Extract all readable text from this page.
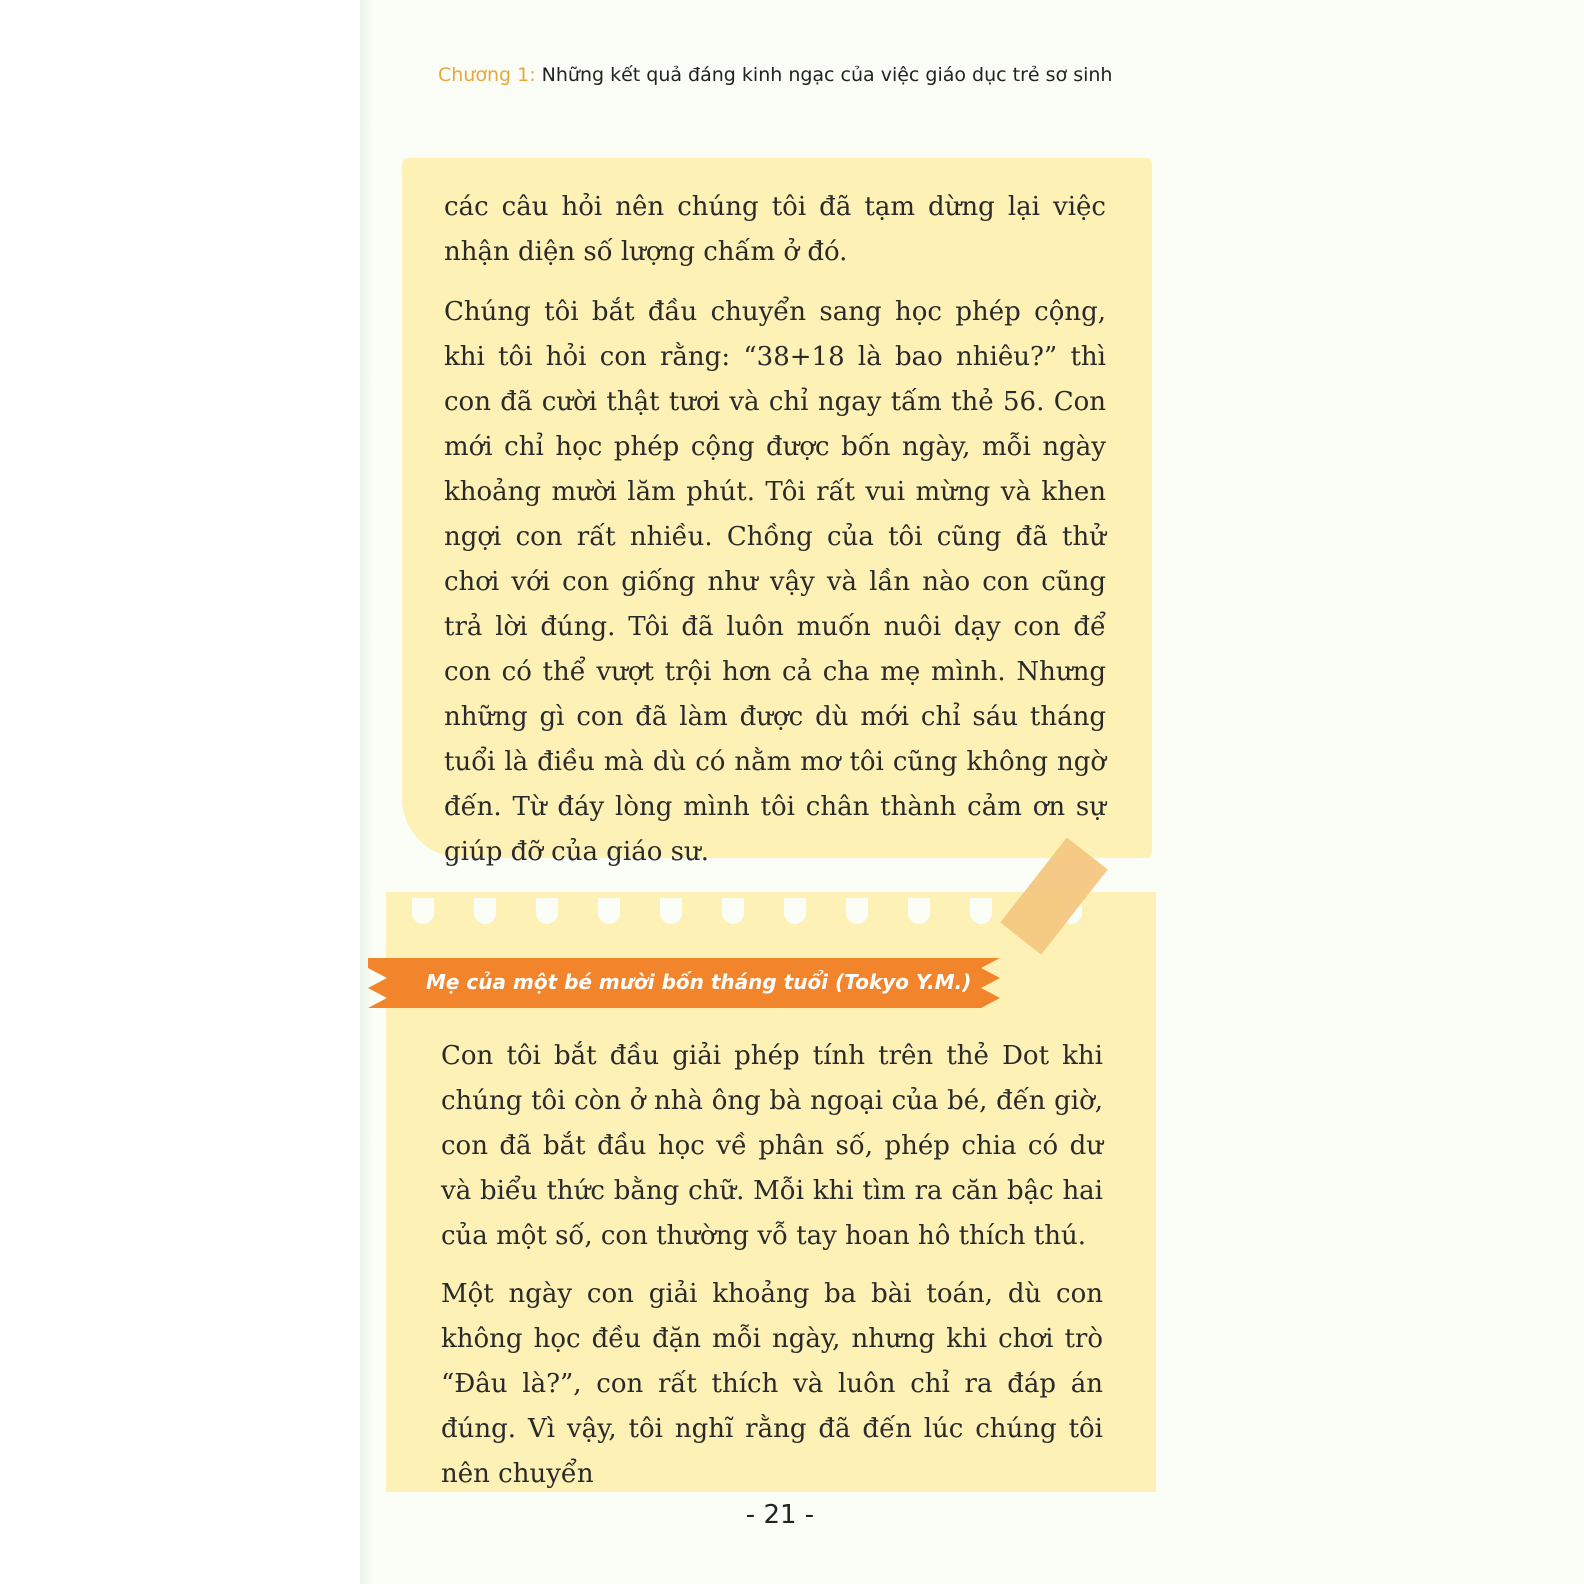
Chương 1: Những kết quả đáng kinh ngạc của việc giáo dục trẻ sơ sinh

các câu hỏi nên chúng tôi đã tạm dừng lại việc nhận diện số lượng chấm ở đó.

Chúng tôi bắt đầu chuyển sang học phép cộng, khi tôi hỏi con rằng: “38+18 là bao nhiêu?” thì con đã cười thật tươi và chỉ ngay tấm thẻ 56. Con mới chỉ học phép cộng được bốn ngày, mỗi ngày khoảng mười lăm phút. Tôi rất vui mừng và khen ngợi con rất nhiều. Chồng của tôi cũng đã thử chơi với con giống như vậy và lần nào con cũng trả lời đúng. Tôi đã luôn muốn nuôi dạy con để con có thể vượt trội hơn cả cha mẹ mình. Nhưng những gì con đã làm được dù mới chỉ sáu tháng tuổi là điều mà dù có nằm mơ tôi cũng không ngờ đến. Từ đáy lòng mình tôi chân thành cảm ơn sự giúp đỡ của giáo sư.

Mẹ của một bé mười bốn tháng tuổi (Tokyo Y.M.)

Con tôi bắt đầu giải phép tính trên thẻ Dot khi chúng tôi còn ở nhà ông bà ngoại của bé, đến giờ, con đã bắt đầu học về phân số, phép chia có dư và biểu thức bằng chữ. Mỗi khi tìm ra căn bậc hai của một số, con thường vỗ tay hoan hô thích thú.

Một ngày con giải khoảng ba bài toán, dù con không học đều đặn mỗi ngày, nhưng khi chơi trò “Đâu là?”, con rất thích và luôn chỉ ra đáp án đúng. Vì vậy, tôi nghĩ rằng đã đến lúc chúng tôi nên chuyển

- 21 -
